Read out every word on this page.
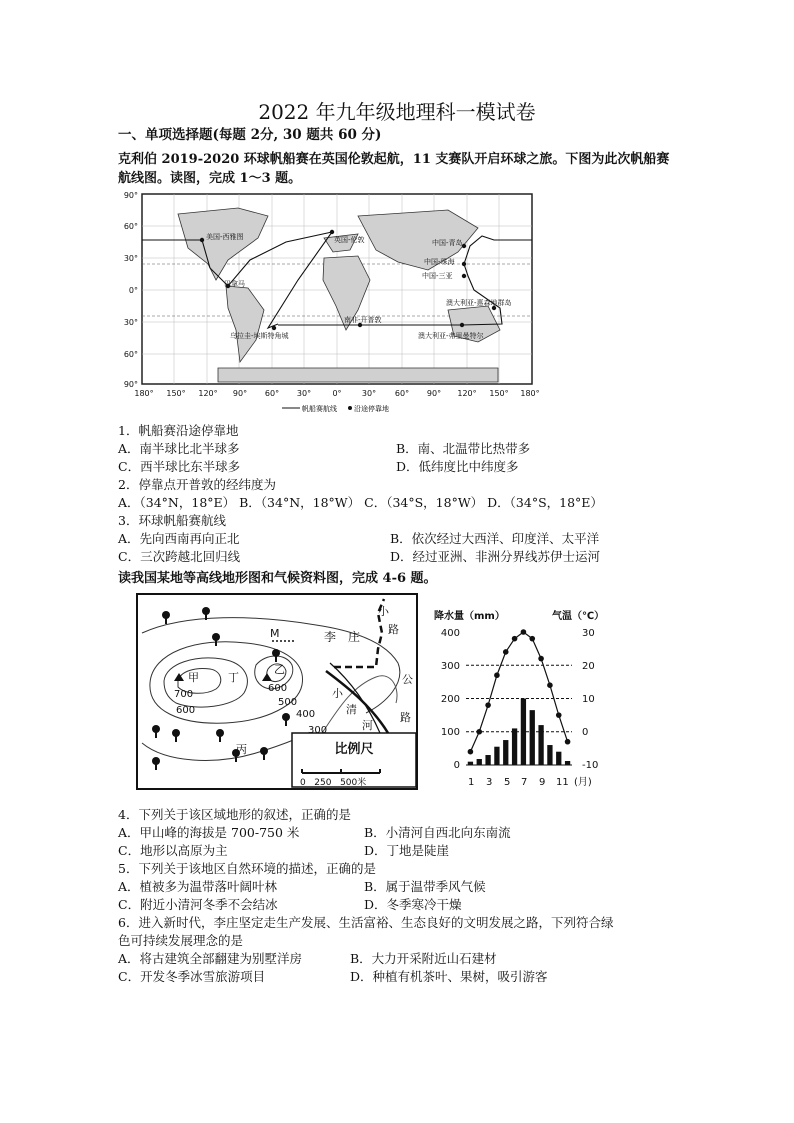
2022 年九年级地理科一模试卷
一、单项选择题(每题 2分, 30 题共 60 分)
克利伯 2019-2020 环球帆船赛在英国伦敦起航，11 支赛队开启环球之旅。下图为此次帆船赛航线图。读图，完成 1～3 题。
90°
60°
30°
0°
30°
60°
90°
180° 150° 120° 90° 60° 30°	0°	30° 60° 90° 120° 150° 180°
美国-西雅图	英国-伦敦	中国-青岛
中国-珠海
中国-三亚
巴拿马
澳大利亚-惠森地群岛
南非-开普敦
乌拉圭-埃斯特角城	澳大利亚-弗里曼特尔
帆船赛航线 沿途停靠地
1．帆船赛沿途停靠地
A．南半球比北半球多	B．南、北温带比热带多
C．西半球比东半球多	D．低纬度比中纬度多
2．停靠点开普敦的经纬度为
A．（34°N，18°E） B．（34°N，18°W） C．（34°S，18°W） D．（34°S，18°E）
3．环球帆船赛航线
A．先向西南再向正北	B．依次经过大西洋、印度洋、太平洋
C．三次跨越北回归线	D．经过亚洲、非洲分界线苏伊士运河
读我国某地等高线地形图和气候资料图，完成 4-6 题。
甲
乙
丙
丁
M	李 庄
小
路
公
路
小
清
河
700
600
600
500
400
300
比例尺
0   250   500米
降水量（mm）	气温（℃）
400
300
200
100
0
30
20
10
0
-10
1 3 5 7 9 11 (月)
4．下列关于该区域地形的叙述，正确的是
A．甲山峰的海拔是 700-750 米	B．小清河自西北向东南流
C．地形以高原为主	D．丁地是陡崖
5．下列关于该地区自然环境的描述，正确的是
A．植被多为温带落叶阔叶林	B．属于温带季风气候
C．附近小清河冬季不会结冰	D．冬季寒冷干燥
6．进入新时代，李庄坚定走生产发展、生活富裕、生态良好的文明发展之路，下列符合绿
色可持续发展理念的是
A．将古建筑全部翻建为别墅洋房	B．大力开采附近山石建材
C．开发冬季冰雪旅游项目	D．种植有机茶叶、果树，吸引游客
